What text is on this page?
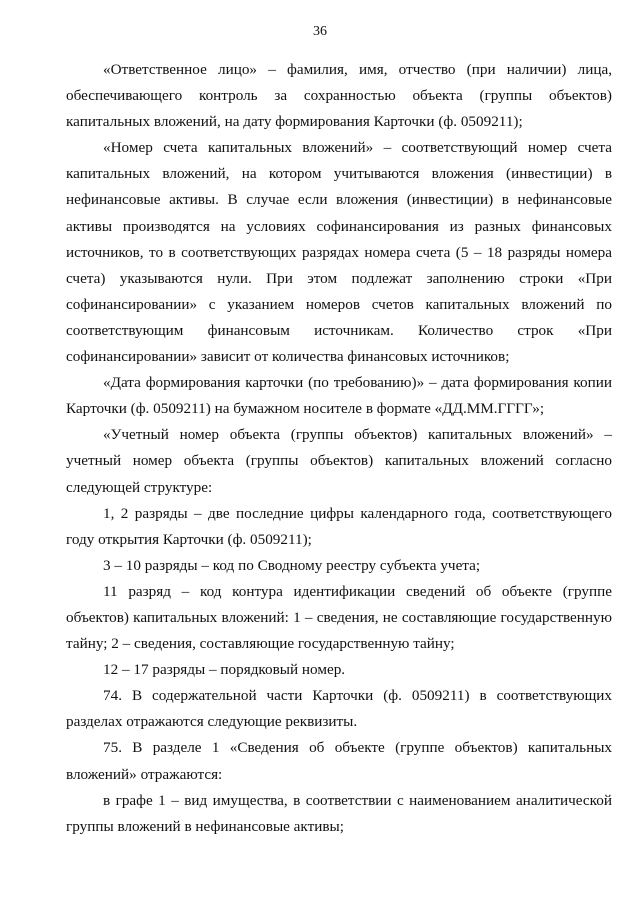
36

«Ответственное лицо» – фамилия, имя, отчество (при наличии) лица, обеспечивающего контроль за сохранностью объекта (группы объектов) капитальных вложений, на дату формирования Карточки (ф. 0509211);

«Номер счета капитальных вложений» – соответствующий номер счета капитальных вложений, на котором учитываются вложения (инвестиции) в нефинансовые активы. В случае если вложения (инвестиции) в нефинансовые активы производятся на условиях софинансирования из разных финансовых источников, то в соответствующих разрядах номера счета (5 – 18 разряды номера счета) указываются нули. При этом подлежат заполнению строки «При софинансировании» с указанием номеров счетов капитальных вложений по соответствующим финансовым источникам. Количество строк «При софинансировании» зависит от количества финансовых источников;

«Дата формирования карточки (по требованию)» – дата формирования копии Карточки (ф. 0509211) на бумажном носителе в формате «ДД.ММ.ГГГГ»;

«Учетный номер объекта (группы объектов) капитальных вложений» – учетный номер объекта (группы объектов) капитальных вложений согласно следующей структуре:

1, 2 разряды – две последние цифры календарного года, соответствующего году открытия Карточки (ф. 0509211);

3 – 10 разряды – код по Сводному реестру субъекта учета;

11 разряд – код контура идентификации сведений об объекте (группе объектов) капитальных вложений: 1 – сведения, не составляющие государственную тайну; 2 – сведения, составляющие государственную тайну;

12 – 17 разряды – порядковый номер.

74. В содержательной части Карточки (ф. 0509211) в соответствующих разделах отражаются следующие реквизиты.

75. В разделе 1 «Сведения об объекте (группе объектов) капитальных вложений» отражаются:

в графе 1 – вид имущества, в соответствии с наименованием аналитической группы вложений в нефинансовые активы;
